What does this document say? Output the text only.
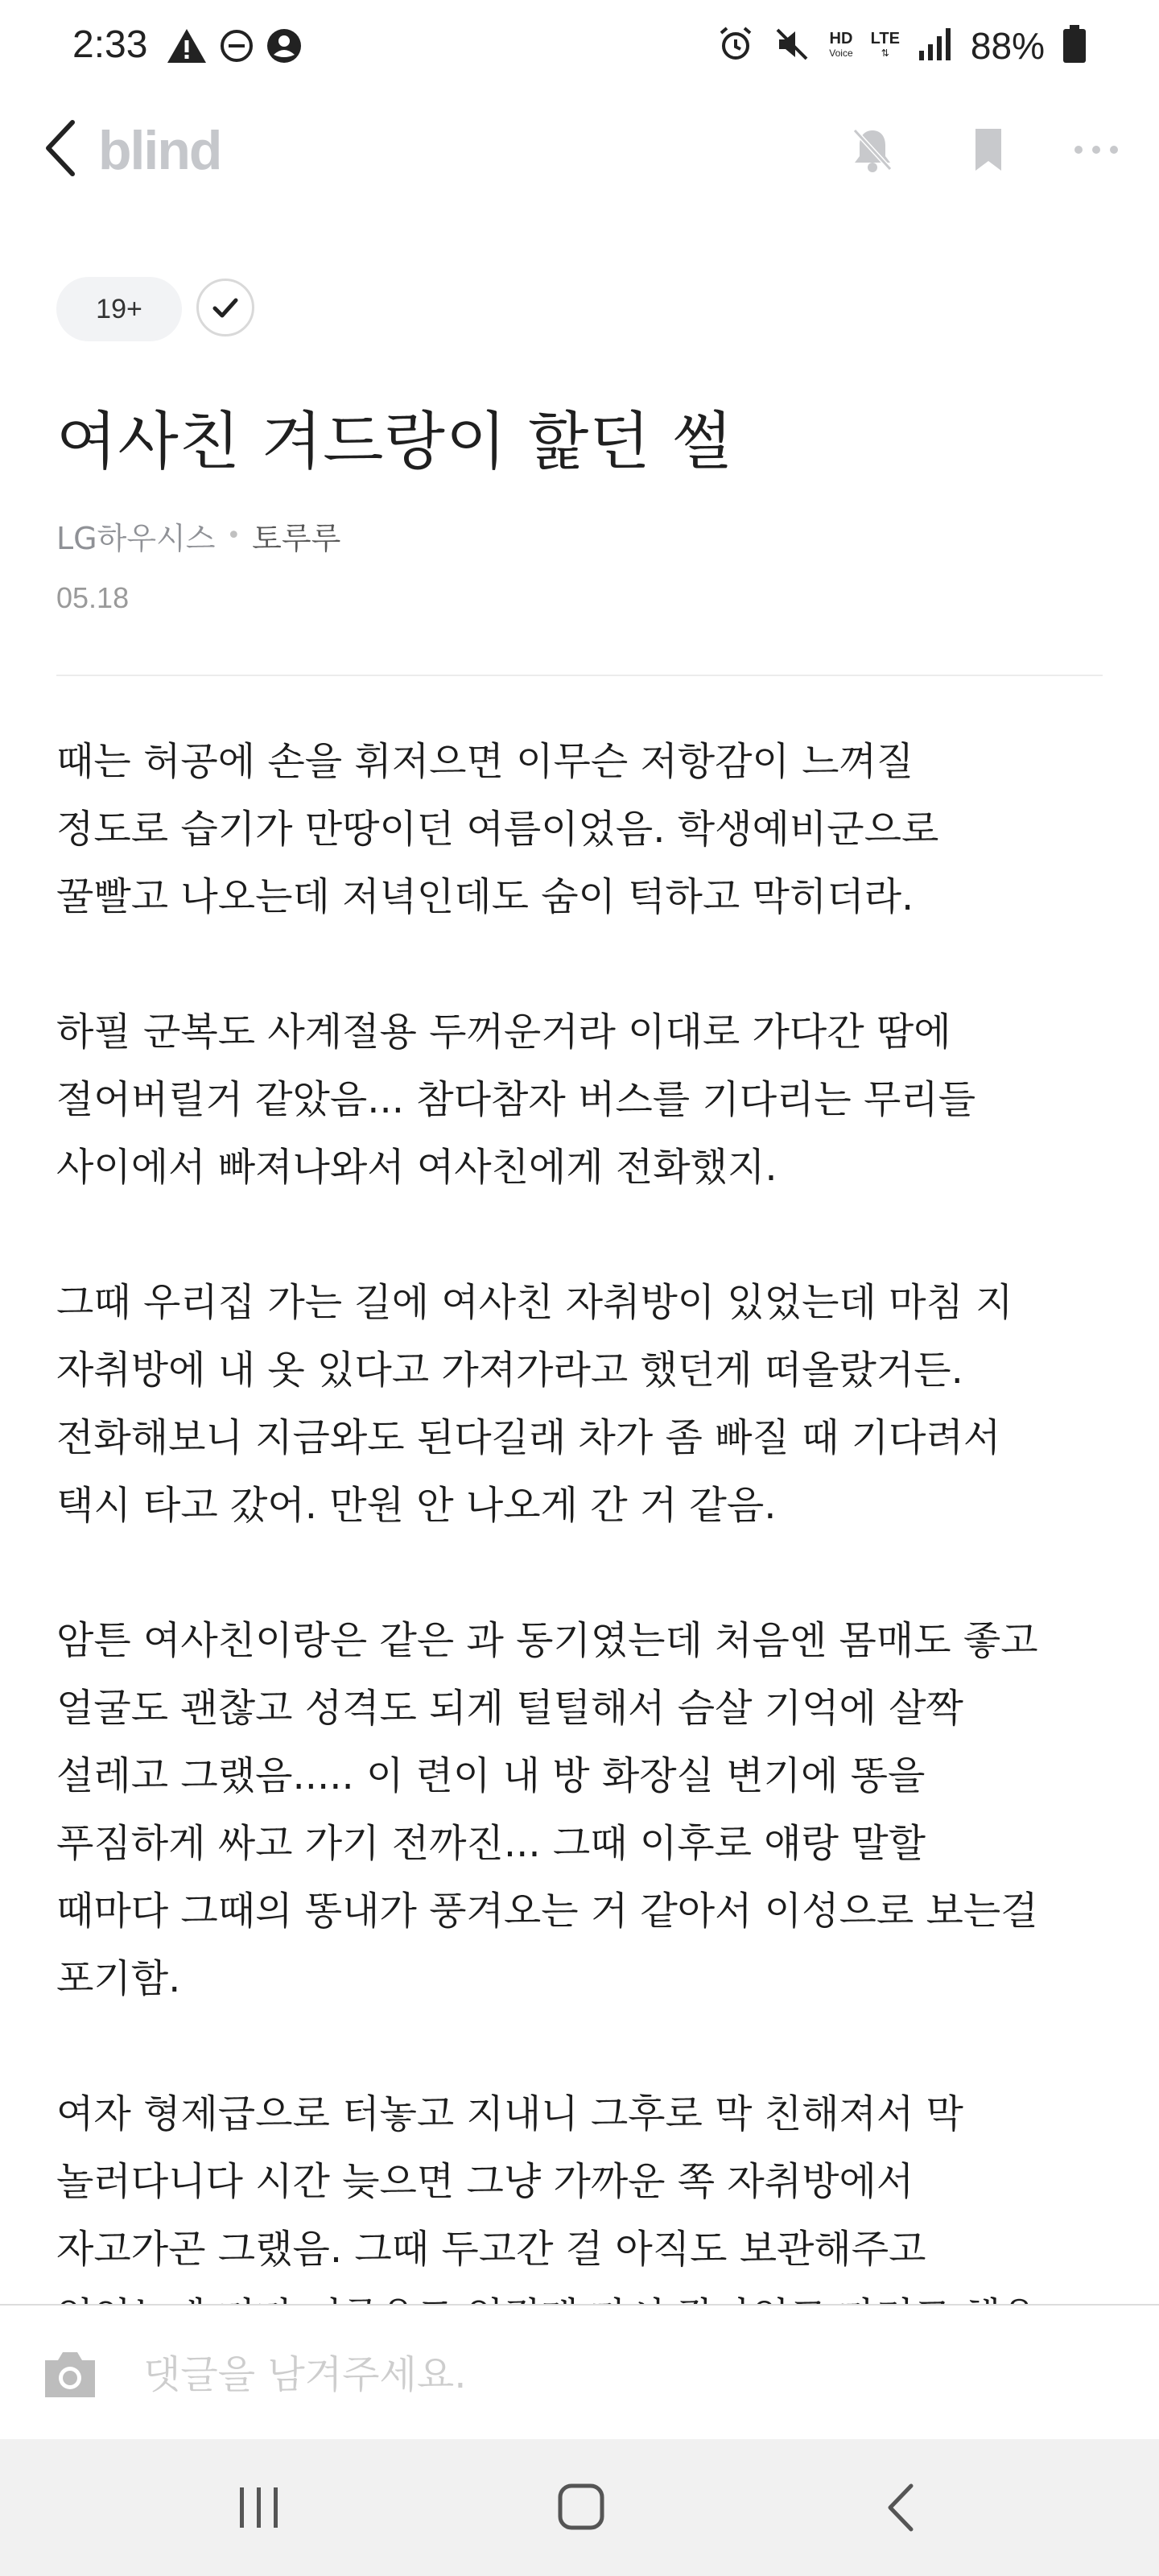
2:33	HD
Voice
LTE
⇅ 88%
blind
19+
여사친 겨드랑이 핥던 썰
LG하우시스 • 토루루
05.18

때는 허공에 손을 휘저으면 이무슨 저항감이 느껴질
정도로 습기가 만땅이던 여름이었음. 학생예비군으로
꿀빨고 나오는데 저녁인데도 숨이 턱하고 막히더라.

하필 군복도 사계절용 두꺼운거라 이대로 가다간 땀에
절어버릴거 같았음... 참다참자 버스를 기다리는 무리들
사이에서 빠져나와서 여사친에게 전화했지.

그때 우리집 가는 길에 여사친 자취방이 있었는데 마침 지
자취방에 내 옷 있다고 가져가라고 했던게 떠올랐거든.
전화해보니 지금와도 된다길래 차가 좀 빠질 때 기다려서
택시 타고 갔어. 만원 안 나오게 간 거 같음.

암튼 여사친이랑은 같은 과 동기였는데 처음엔 몸매도 좋고
얼굴도 괜찮고 성격도 되게 털털해서 슴살 기억에 살짝
설레고 그랬음..... 이 련이 내 방 화장실 변기에 똥을
푸짐하게 싸고 가기 전까진... 그때 이후로 얘랑 말할
때마다 그때의 똥내가 풍겨오는 거 같아서 이성으로 보는걸
포기함.

여자 형제급으로 터놓고 지내니 그후로 막 친해져서 막
놀러다니다 시간 늦으면 그냥 가까운 쪽 자취방에서
자고가곤 그랬음. 그때 두고간 걸 아직도 보관해주고

댓글을 남겨주세요.
